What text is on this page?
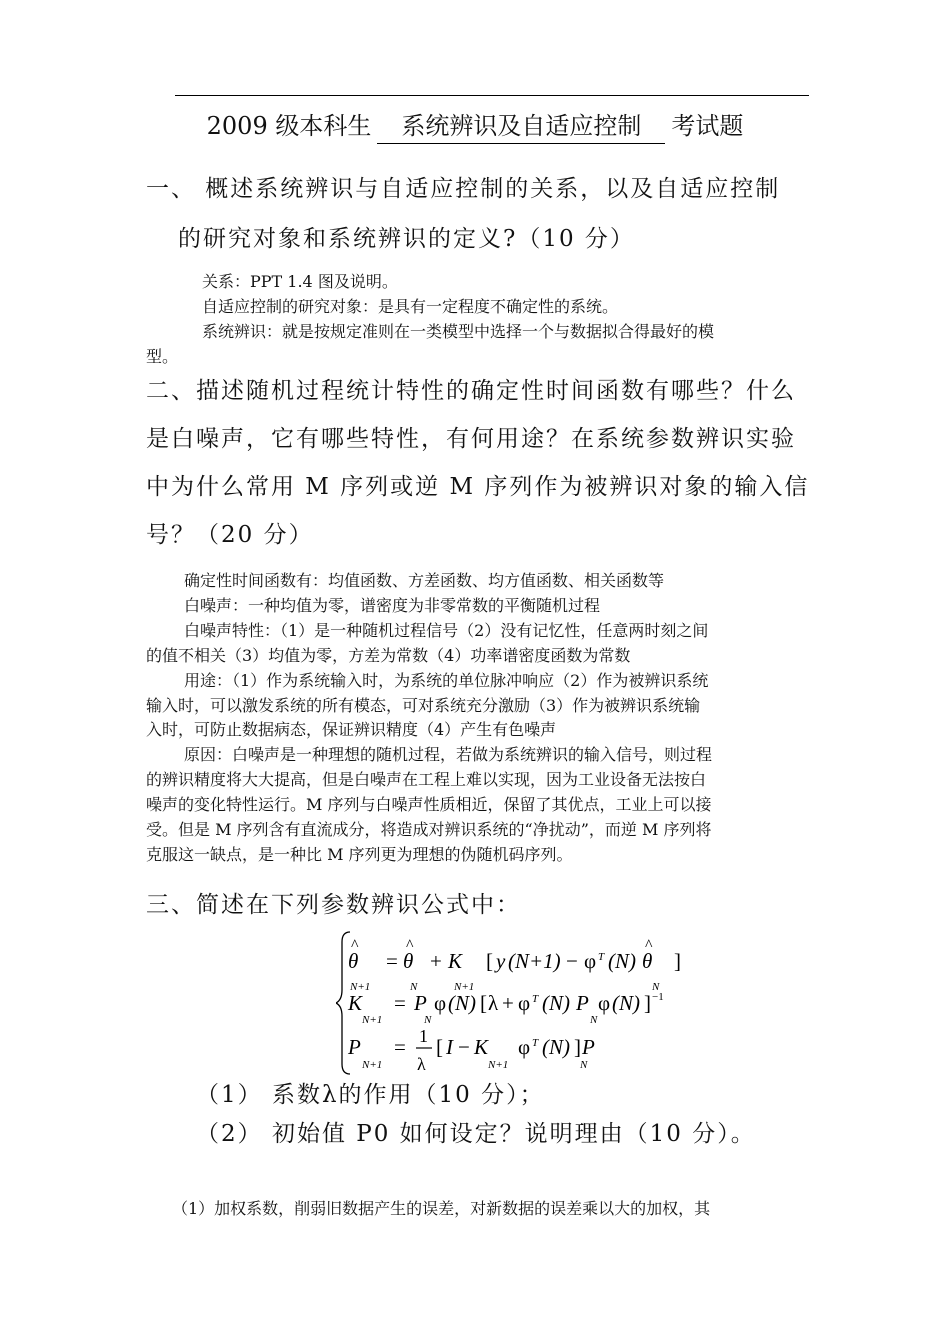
2009 级本科生 系统辨识及自适应控制 考试题
一、 概述系统辨识与自适应控制的关系，以及自适应控制
的研究对象和系统辨识的定义?（10 分）
关系：PPT 1.4 图及说明。
自适应控制的研究对象：是具有一定程度不确定性的系统。
系统辨识：就是按规定准则在一类模型中选择一个与数据拟合得最好的模
型。
二、描述随机过程统计特性的确定性时间函数有哪些？什么
是白噪声，它有哪些特性，有何用途？在系统参数辨识实验
中为什么常用 M 序列或逆 M 序列作为被辨识对象的输入信
号？（20 分）
确定性时间函数有：均值函数、方差函数、均方值函数、相关函数等
白噪声：一种均值为零，谱密度为非零常数的平衡随机过程
白噪声特性：（1）是一种随机过程信号（2）没有记忆性，任意两时刻之间
的值不相关（3）均值为零，方差为常数（4）功率谱密度函数为常数
用途：（1）作为系统输入时，为系统的单位脉冲响应（2）作为被辨识系统
输入时，可以激发系统的所有模态，可对系统充分激励（3）作为被辨识系统输
入时，可防止数据病态，保证辨识精度（4）产生有色噪声
原因：白噪声是一种理想的随机过程，若做为系统辨识的输入信号，则过程
的辨识精度将大大提高，但是白噪声在工程上难以实现，因为工业设备无法按白
噪声的变化特性运行。M 序列与白噪声性质相近，保留了其优点，工业上可以接
受。但是 M 序列含有直流成分，将造成对辨识系统的“净扰动”，而逆 M 序列将
克服这一缺点，是一种比 M 序列更为理想的伪随机码序列。
三、简述在下列参数辨识公式中：
θ
^
N+1
= θ
^
N
+ K
N+1
[ y (N+1) − φ T (N) θ
^
N
]
K
N+1
= P
N
φ (N) [ λ + φ T (N) P
N
φ (N) ] −1
P
N+1
= 1
λ
[ I − K
N+1
φ T (N) ] P
N
（1） 系数λ的作用（10 分）；
（2） 初始值 P0 如何设定？说明理由（10 分）。
（1）加权系数，削弱旧数据产生的误差，对新数据的误差乘以大的加权，其
